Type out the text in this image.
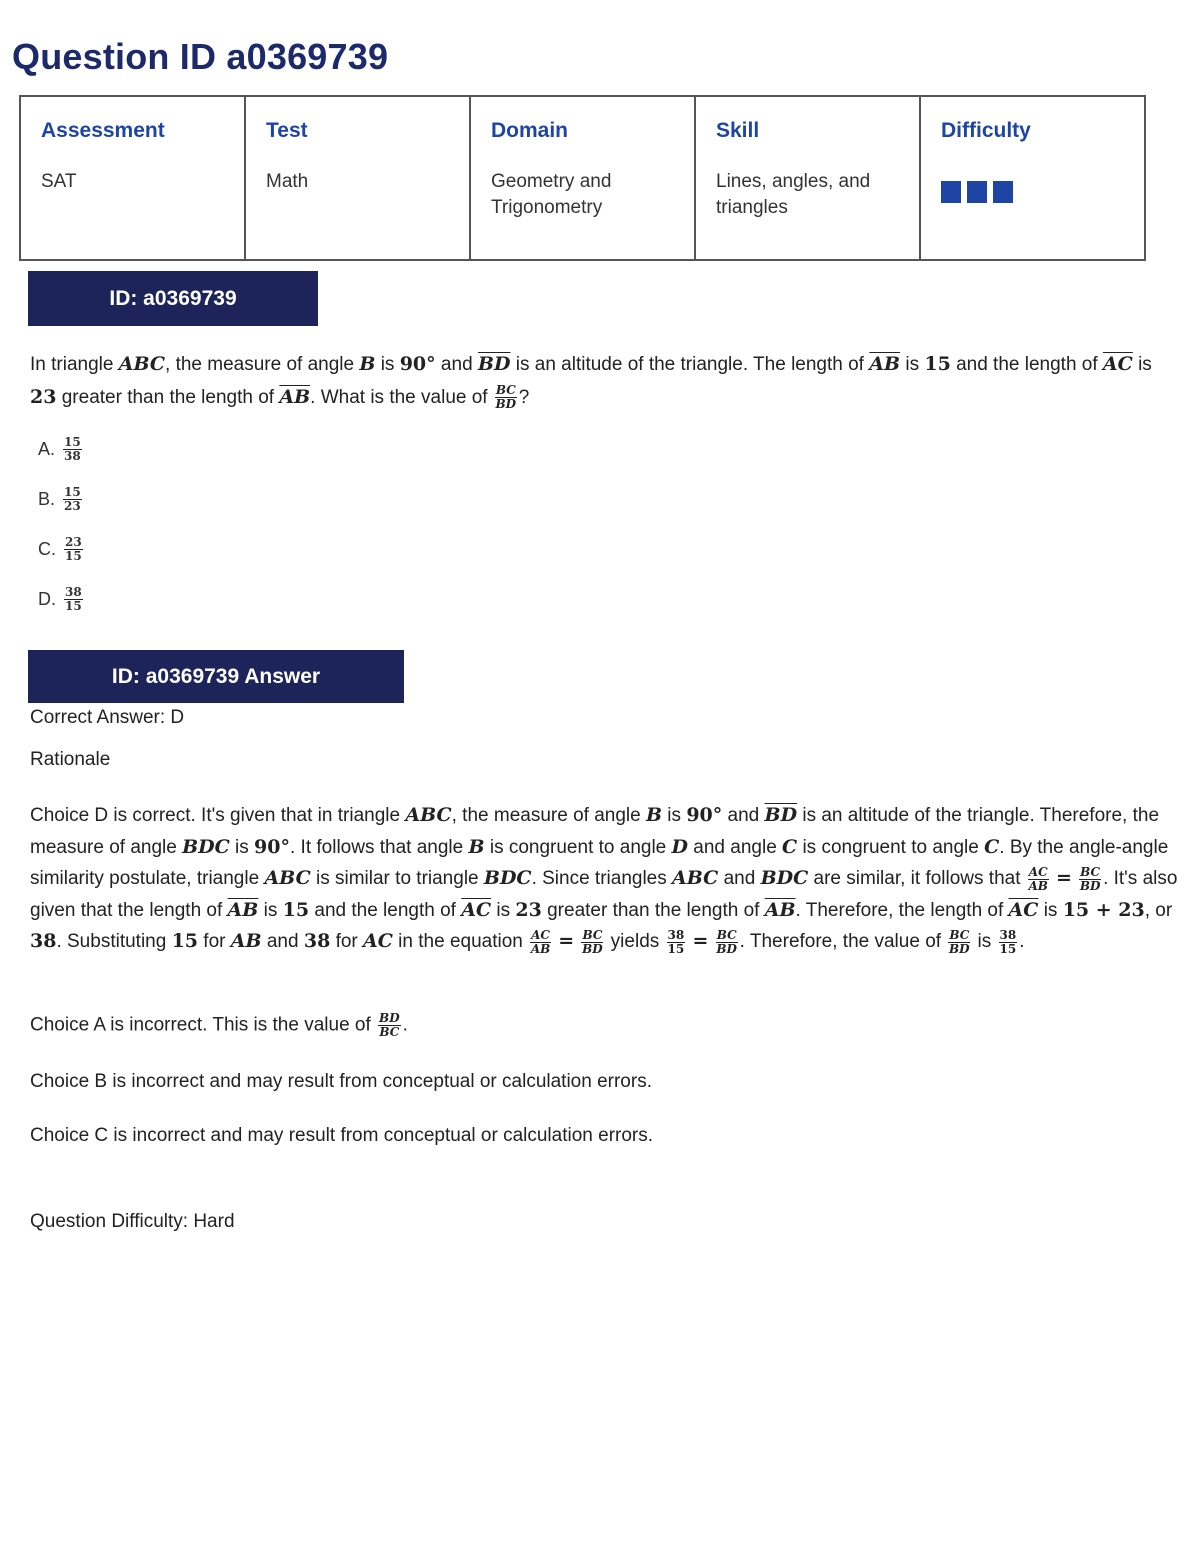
Question ID a0369739
Assessment
SAT

Test
Math

Domain
Geometry and Trigonometry

Skill
Lines, angles, and triangles

Difficulty
ID: a0369739

In triangle ABC, the measure of angle B is 90° and $\overline{BD}$ is an altitude of the triangle. The length of $\overline{AB}$ is 15 and the length of $\overline{AC}$ is 23 greater than the length of $\overline{AB}$. What is the value of $\frac{BC}{BD}$ ?

A. $\frac{15}{38}$
B. $\frac{15}{23}$
C. $\frac{23}{15}$
D. $\frac{38}{15}$
ID: a0369739 Answer

Correct Answer: D

Rationale

Choice D is correct. It's given that in triangle ABC, the measure of angle B is 90° and $\overline{BD}$ is an altitude of the triangle. Therefore, the measure of angle BDC is 90°. It follows that angle B is congruent to angle D and angle C is congruent to angle C. By the angle-angle similarity postulate, triangle ABC is similar to triangle BDC. Since triangles ABC and BDC are similar, it follows that $\frac{AC}{AB} = \frac{BC}{BD}$ . It's also given that the length of $\overline{AB}$ is 15 and the length of $\overline{AC}$ is 23 greater than the length of $\overline{AB}$. Therefore, the length of $\overline{AC}$ is 15 + 23, or 38. Substituting 15 for AB and 38 for AC in the equation $\frac{AC}{AB} = \frac{BC}{BD}$ yields $\frac{38}{15} = \frac{BC}{BD}$ . Therefore, the value of $\frac{BC}{BD}$ is $\frac{38}{15}$ .

Choice A is incorrect. This is the value of $\frac{BD}{BC}$ .

Choice B is incorrect and may result from conceptual or calculation errors.

Choice C is incorrect and may result from conceptual or calculation errors.

Question Difficulty: Hard
